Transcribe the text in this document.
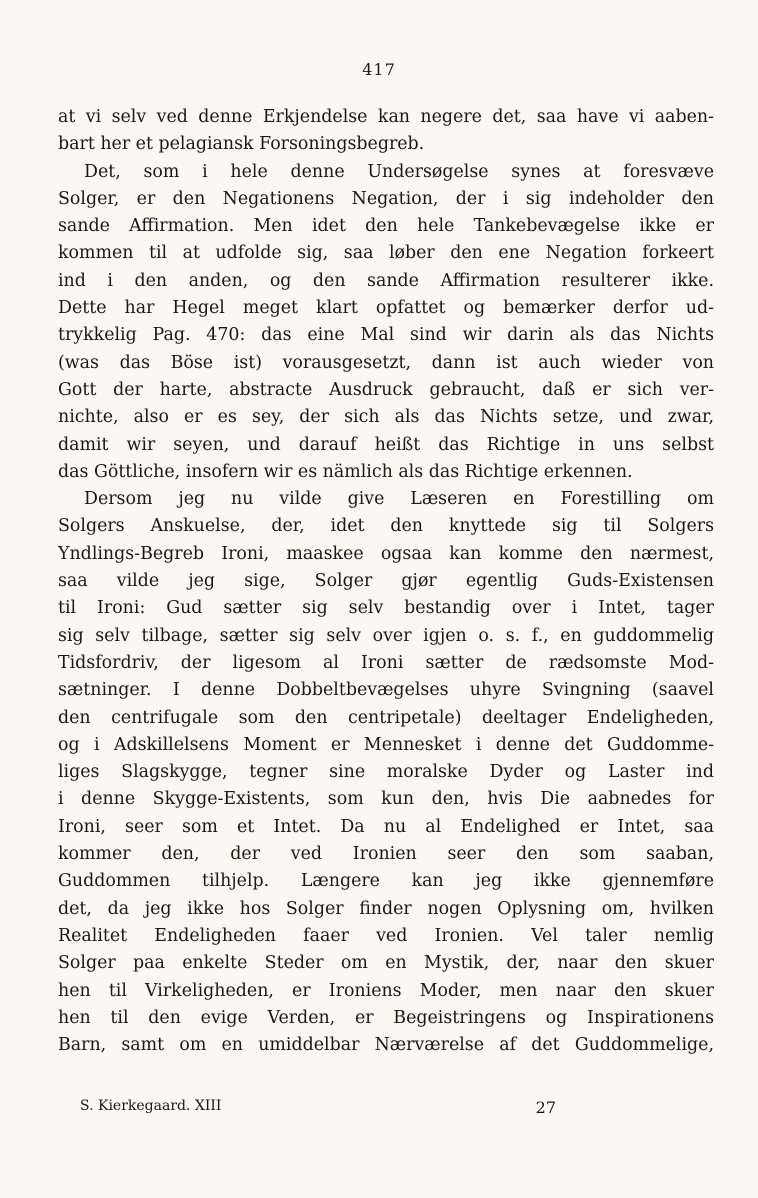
417
at vi selv ved denne Erkjendelse kan negere det, saa have vi aaben-
bart her et pelagiansk Forsoningsbegreb.
Det, som i hele denne Undersøgelse synes at foresvæve
Solger, er den Negationens Negation, der i sig indeholder den
sande Affirmation. Men idet den hele Tankebevægelse ikke er
kommen til at udfolde sig, saa løber den ene Negation forkeert
ind i den anden, og den sande Affirmation resulterer ikke.
Dette har Hegel meget klart opfattet og bemærker derfor ud-
trykkelig Pag. 470: das eine Mal sind wir darin als das Nichts
(was das Böse ist) vorausgesetzt, dann ist auch wieder von
Gott der harte, abstracte Ausdruck gebraucht, daß er sich ver-
nichte, also er es sey, der sich als das Nichts setze, und zwar,
damit wir seyen, und darauf heißt das Richtige in uns selbst
das Göttliche, insofern wir es nämlich als das Richtige erkennen.
Dersom jeg nu vilde give Læseren en Forestilling om
Solgers Anskuelse, der, idet den knyttede sig til Solgers
Yndlings-Begreb Ironi, maaskee ogsaa kan komme den nærmest,
saa vilde jeg sige, Solger gjør egentlig Guds-Existensen
til Ironi: Gud sætter sig selv bestandig over i Intet, tager
sig selv tilbage, sætter sig selv over igjen o. s. f., en guddommelig
Tidsfordriv, der ligesom al Ironi sætter de rædsomste Mod-
sætninger. I denne Dobbeltbevægelses uhyre Svingning (saavel
den centrifugale som den centripetale) deeltager Endeligheden,
og i Adskillelsens Moment er Mennesket i denne det Guddomme-
liges Slagskygge, tegner sine moralske Dyder og Laster ind
i denne Skygge-Existents, som kun den, hvis Die aabnedes for
Ironi, seer som et Intet. Da nu al Endelighed er Intet, saa
kommer den, der ved Ironien seer den som saaban,
Guddommen tilhjelp. Længere kan jeg ikke gjennemføre
det, da jeg ikke hos Solger finder nogen Oplysning om, hvilken
Realitet Endeligheden faaer ved Ironien. Vel taler nemlig
Solger paa enkelte Steder om en Mystik, der, naar den skuer
hen til Virkeligheden, er Ironiens Moder, men naar den skuer
hen til den evige Verden, er Begeistringens og Inspirationens
Barn, samt om en umiddelbar Nærværelse af det Guddommelige,
S. Kierkegaard. XIII	27
